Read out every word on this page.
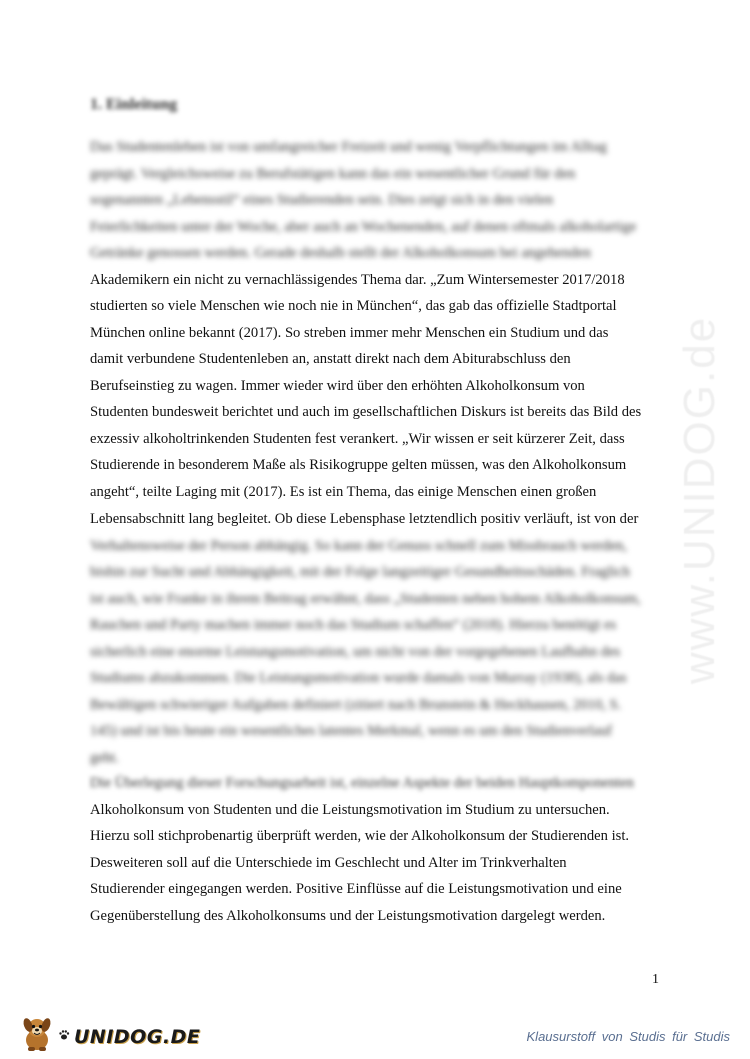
www.UNIDOG.de
1. Einleitung
Das Studentenleben ist von umfangreicher Freizeit und wenig Verpflichtungen im Alltag
geprägt. Vergleichsweise zu Berufstätigen kann das ein wesentlicher Grund für den
sogenannten „Lebensstil“ eines Studierenden sein. Dies zeigt sich in den vielen
Feierlichkeiten unter der Woche, aber auch an Wochenenden, auf denen oftmals alkoholartige
Getränke genossen werden. Gerade deshalb stellt der Alkoholkonsum bei angehenden
Akademikern ein nicht zu vernachlässigendes Thema dar. „Zum Wintersemester 2017/2018
studierten so viele Menschen wie noch nie in München“, das gab das offizielle Stadtportal
München online bekannt (2017). So streben immer mehr Menschen ein Studium und das
damit verbundene Studentenleben an, anstatt direkt nach dem Abiturabschluss den
Berufseinstieg zu wagen. Immer wieder wird über den erhöhten Alkoholkonsum von
Studenten bundesweit berichtet und auch im gesellschaftlichen Diskurs ist bereits das Bild des
exzessiv alkoholtrinkenden Studenten fest verankert. „Wir wissen er seit kürzerer Zeit, dass
Studierende in besonderem Maße als Risikogruppe gelten müssen, was den Alkoholkonsum
angeht“, teilte Laging mit (2017). Es ist ein Thema, das einige Menschen einen großen
Lebensabschnitt lang begleitet. Ob diese Lebensphase letztendlich positiv verläuft, ist von der
Verhaltensweise der Person abhängig. So kann der Genuss schnell zum Missbrauch werden,
bishin zur Sucht und Abhängigkeit, mit der Folge langzeitiger Gesundheitsschäden. Fraglich
ist auch, wie Franke in ihrem Beitrag erwähnt, dass „Studenten neben hohem Alkoholkonsum,
Rauchen und Party machen immer noch das Studium schaffen“ (2018). Hierzu benötigt es
sicherlich eine enorme Leistungsmotivation, um nicht von der vorgegebenen Laufbahn des
Studiums abzukommen. Die Leistungsmotivation wurde damals von Murray (1938), als das
Bewältigen schwieriger Aufgaben definiert (zitiert nach Brunstein & Heckhausen, 2010, S.
145) und ist bis heute ein wesentliches latentes Merkmal, wenn es um den Studienverlauf
geht.
Die Überlegung dieser Forschungsarbeit ist, einzelne Aspekte der beiden Hauptkomponenten
Alkoholkonsum von Studenten und die Leistungsmotivation im Studium zu untersuchen.
Hierzu soll stichprobenartig überprüft werden, wie der Alkoholkonsum der Studierenden ist.
Desweiteren soll auf die Unterschiede im Geschlecht und Alter im Trinkverhalten
Studierender eingegangen werden. Positive Einflüsse auf die Leistungsmotivation und eine
Gegenüberstellung des Alkoholkonsums und der Leistungsmotivation dargelegt werden.
1
UNIDOG.DE	Klausurstoff von Studis für Studis
